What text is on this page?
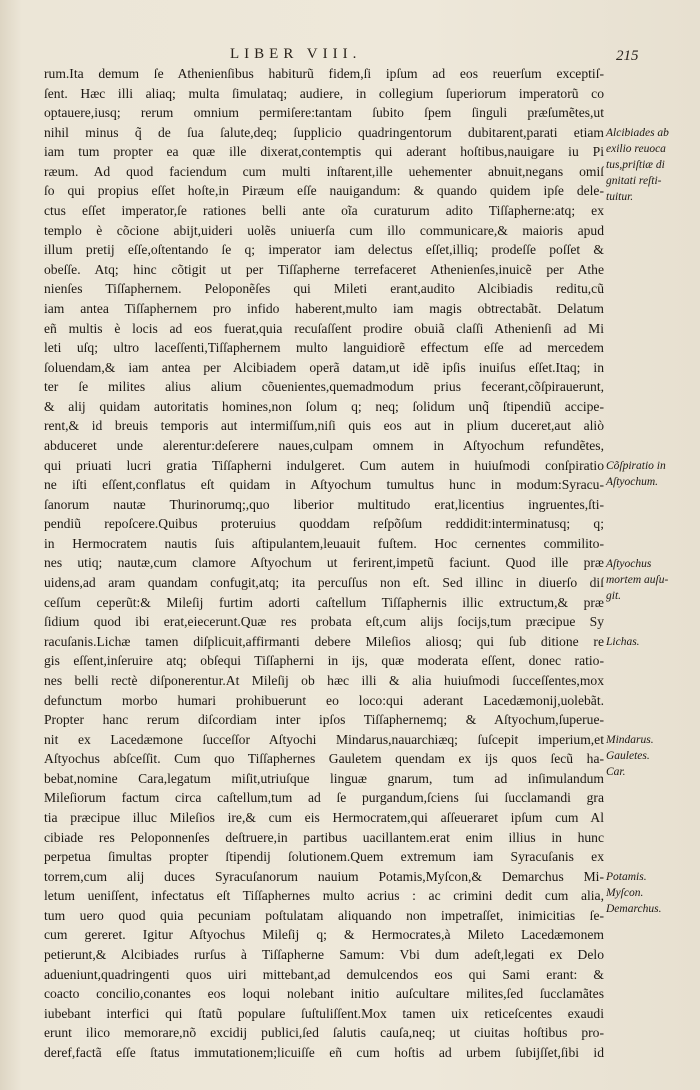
LIBER VIII.	215
rum.Ita demum ſe Athenienſibus habiturũ fidem,ſi ipſum ad eos reuerſum exceptiſ-
ſent. Hæc illi aliaq; multa ſimulataq; audiere, in collegium ſuperiorum imperatorũ co
optauere,iusq; rerum omnium permiſere:tantam ſubito ſpem ſinguli præſumẽtes,ut
nihil minus q̃ de ſua ſalute,deq; ſupplicio quadringentorum dubitarent,parati etiam
iam tum propter ea quæ ille dixerat,contemptis qui aderant hoſtibus,nauigare iu Pi
ræum. Ad quod faciendum cum multi inſtarent,ille uehementer abnuit,negans omiſ
ſo qui propius eſſet hoſte,in Piræum eſſe nauigandum: & quando quidem ipſe dele-
ctus eſſet imperator,ſe rationes belli ante oĩa curaturum adito Tiſſapherne:atq; ex
templo è cõcione abijt,uideri uolẽs uniuerſa cum illo communicare,& maioris apud
illum pretij eſſe,oſtentando ſe q; imperator iam delectus eſſet,illiq; prodeſſe poſſet &
obeſſe. Atq; hinc cõtigit ut per Tiſſapherne terrefaceret Athenienſes,inuicẽ per Athe
nienſes Tiſſaphernem. Peloponẽſes qui Mileti erant,audito Alcibiadis reditu,cũ
iam antea Tiſſaphernem pro infido haberent,multo iam magis obtrectabãt. Delatum
eñ multis è locis ad eos fuerat,quia recuſaſſent prodire obuiã claſſi Athenienſi ad Mi
leti uſq; ultro laceſſenti,Tiſſaphernem multo languidiorẽ effectum eſſe ad mercedem
ſoluendam,& iam antea per Alcibiadem operã datam,ut idẽ ipſis inuiſus eſſet.Itaq; in
ter ſe milites alius alium cõuenientes,quemadmodum prius fecerant,cõſpirauerunt,
& alij quidam autoritatis homines,non ſolum q; neq; ſolidum unq̃ ſtipendiũ accipe-
rent,& id breuis temporis aut intermiſſum,niſi quis eos aut in plium duceret,aut aliò
abduceret unde alerentur:deſerere naues,culpam omnem in Aſtyochum refundẽtes,
qui priuati lucri gratia Tiſſapherni indulgeret. Cum autem in huiuſmodi conſpiratio
ne iſti eſſent,conflatus eſt quidam in Aſtyochum tumultus hunc in modum:Syracu-
ſanorum nautæ Thurinorumq;,quo liberior multitudo erat,licentius ingruentes,ſti-
pendiũ repoſcere.Quibus proteruius quoddam reſpõſum reddidit:interminatusq; q;
in Hermocratem nautis ſuis aſtipulantem,leuauit fuſtem. Hoc cernentes commilito-
nes utiq; nautæ,cum clamore Aſtyochum ut ferirent,impetũ faciunt. Quod ille præ
uidens,ad aram quandam confugit,atq; ita percuſſus non eſt. Sed illinc in diuerſo diſ
ceſſum ceperũt:& Mileſij furtim adorti caſtellum Tiſſaphernis illic extructum,& præ
ſidium quod ibi erat,eiecerunt.Quæ res probata eſt,cum alijs ſocijs,tum præcipue Sy
racuſanis.Lichæ tamen diſplicuit,affirmanti debere Mileſios aliosq; qui ſub ditione re
gis eſſent,inſeruire atq; obſequi Tiſſapherni in ijs, quæ moderata eſſent, donec ratio-
nes belli rectè diſponerentur.At Mileſij ob hæc illi & alia huiuſmodi ſucceſſentes,mox
defunctum morbo humari prohibuerunt eo loco:qui aderant Lacedæmonij,uolebãt.
Propter hanc rerum diſcordiam inter ipſos Tiſſaphernemq; & Aſtyochum,ſuperue-
nit ex Lacedæmone ſucceſſor Aſtyochi Mindarus,nauarchiæq; ſuſcepit imperium,et
Aſtyochus abſceſſit. Cum quo Tiſſaphernes Gauletem quendam ex ijs quos ſecũ ha-
bebat,nomine Cara,legatum miſit,utriuſque linguæ gnarum, tum ad inſimulandum
Mileſiorum factum circa caſtellum,tum ad ſe purgandum,ſciens ſui ſucclamandi gra
tia præcipue illuc Mileſios ire,& cum eis Hermocratem,qui aſſeueraret ipſum cum Al
cibiade res Peloponnenſes deſtruere,in partibus uacillantem.erat enim illius in hunc
perpetua ſimultas propter ſtipendij ſolutionem.Quem extremum iam Syracuſanis ex
torrem,cum alij duces Syracuſanorum nauium Potamis,Myſcon,& Demarchus Mi-
letum ueniſſent, infectatus eſt Tiſſaphernes multo acrius : ac crimini dedit cum alia,
tum uero quod quia pecuniam poſtulatam aliquando non impetraſſet, inimicitias ſe-
cum gereret. Igitur Aſtyochus Mileſij q; & Hermocrates,à Mileto Lacedæmonem
petierunt,& Alcibiades rurſus à Tiſſapherne Samum: Vbi dum adeſt,legati ex Delo
adueniunt,quadringenti quos uiri mittebant,ad demulcendos eos qui Sami erant: &
coacto concilio,conantes eos loqui nolebant initio auſcultare milites,ſed ſucclamãtes
iubebant interfici qui ſtatũ populare ſuſtuliſſent.Mox tamen uix reticeſcentes exaudi
erunt ilico memorare,nõ excidij publici,ſed ſalutis cauſa,neq; ut ciuitas hoſtibus pro-
deref,factã eſſe ſtatus immutationem;licuiſſe eñ cum hoſtis ad urbem ſubijſſet,ſibi id
Alcibiades ab
exilio reuoca
tus,priſtiæ di
gnitati reſti-
tuitur.
Cõſpiratio in
Aſtyochum.
Aſtyochus
mortem auſu-
git.
Lichas.
Mindarus.
Gauletes.
Car.
Potamis.
Myſcon.
Demarchus.
